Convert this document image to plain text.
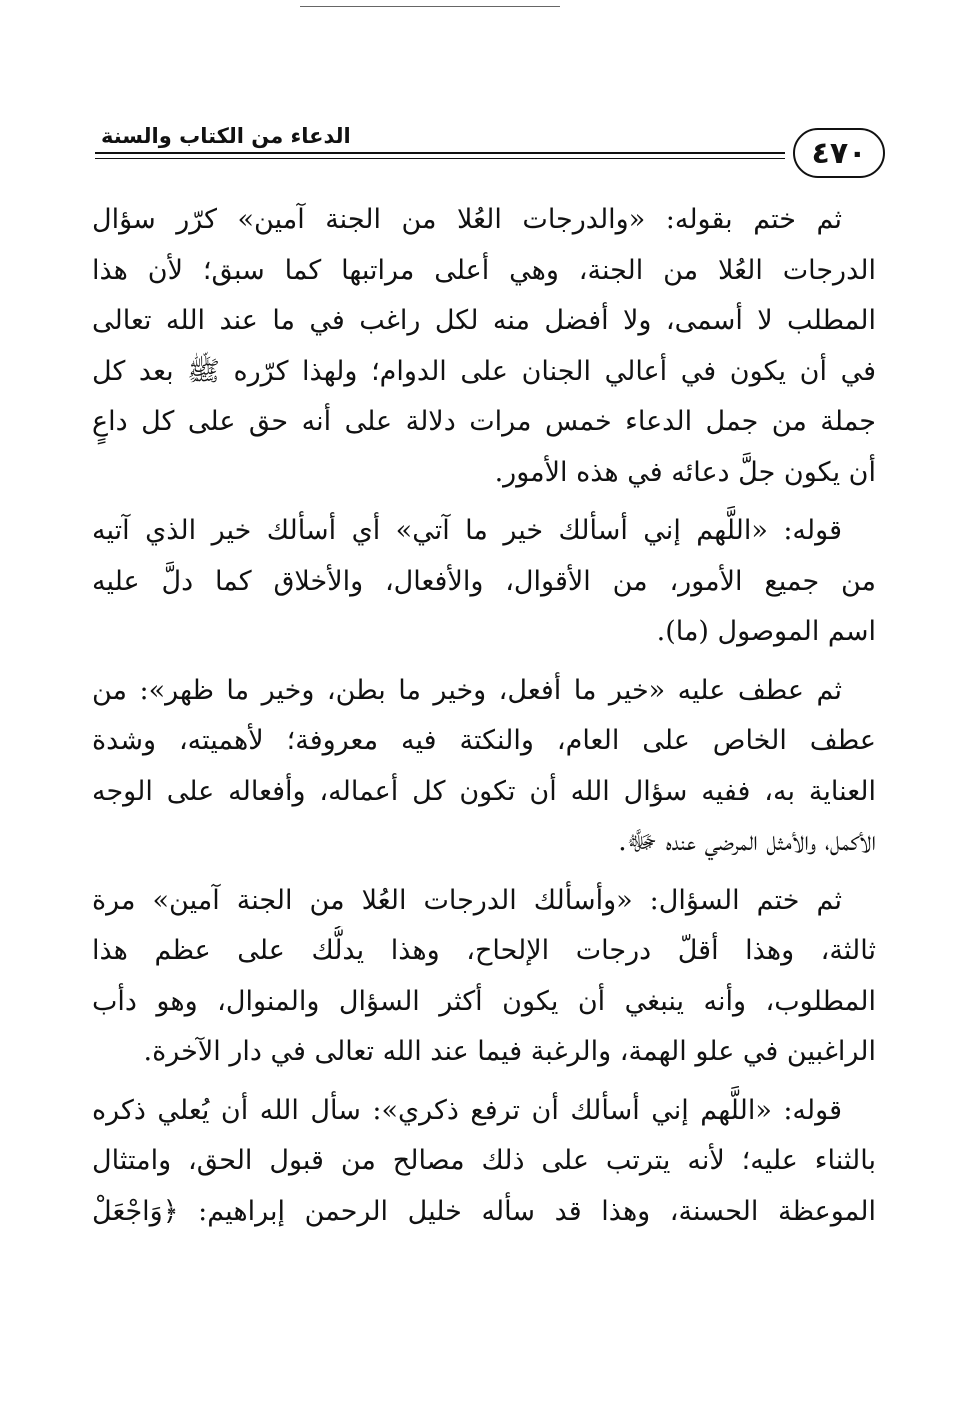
الدعاء من الكتاب والسنة	٤٧٠
ثم ختم بقوله: «والدرجات العُلا من الجنة آمين» كرّر سؤال
الدرجات العُلا من الجنة، وهي أعلى مراتبها كما سبق؛ لأن هذا
المطلب لا أسمى، ولا أفضل منه لكل راغب في ما عند الله تعالى
في أن يكون في أعالي الجنان على الدوام؛ ولهذا كرّره ﷺ بعد كل
جملة من جمل الدعاء خمس مرات دلالة على أنه حق على كل داعٍ
أن يكون جلَّ دعائه في هذه الأمور.
قوله: «اللَّهم إني أسألك خير ما آتي» أي أسألك خير الذي آتيه
من جميع الأمور، من الأقوال، والأفعال، والأخلاق كما دلَّ عليه
اسم الموصول (ما).
ثم عطف عليه «خير ما أفعل، وخير ما بطن، وخير ما ظهر»: من
عطف الخاص على العام، والنكتة فيه معروفة؛ لأهميته، وشدة
العناية به، ففيه سؤال الله أن تكون كل أعماله، وأفعاله على الوجه
الأكمل، والأمثل المرضي عنده ﷻ.
ثم ختم السؤال: «وأسألك الدرجات العُلا من الجنة آمين» مرة
ثالثة، وهذا أقلّ درجات الإلحاح، وهذا يدلُّك على عظم هذا
المطلوب، وأنه ينبغي أن يكون أكثر السؤال والمنوال، وهو دأب
الراغبين في علو الهمة، والرغبة فيما عند الله تعالى في دار الآخرة.
قوله: «اللَّهم إني أسألك أن ترفع ذكري»: سأل الله أن يُعلي ذكره
بالثناء عليه؛ لأنه يترتب على ذلك مصالح من قبول الحق، وامتثال
الموعظة الحسنة، وهذا قد سأله خليل الرحمن إبراهيم: ﴿وَاجْعَلْ
